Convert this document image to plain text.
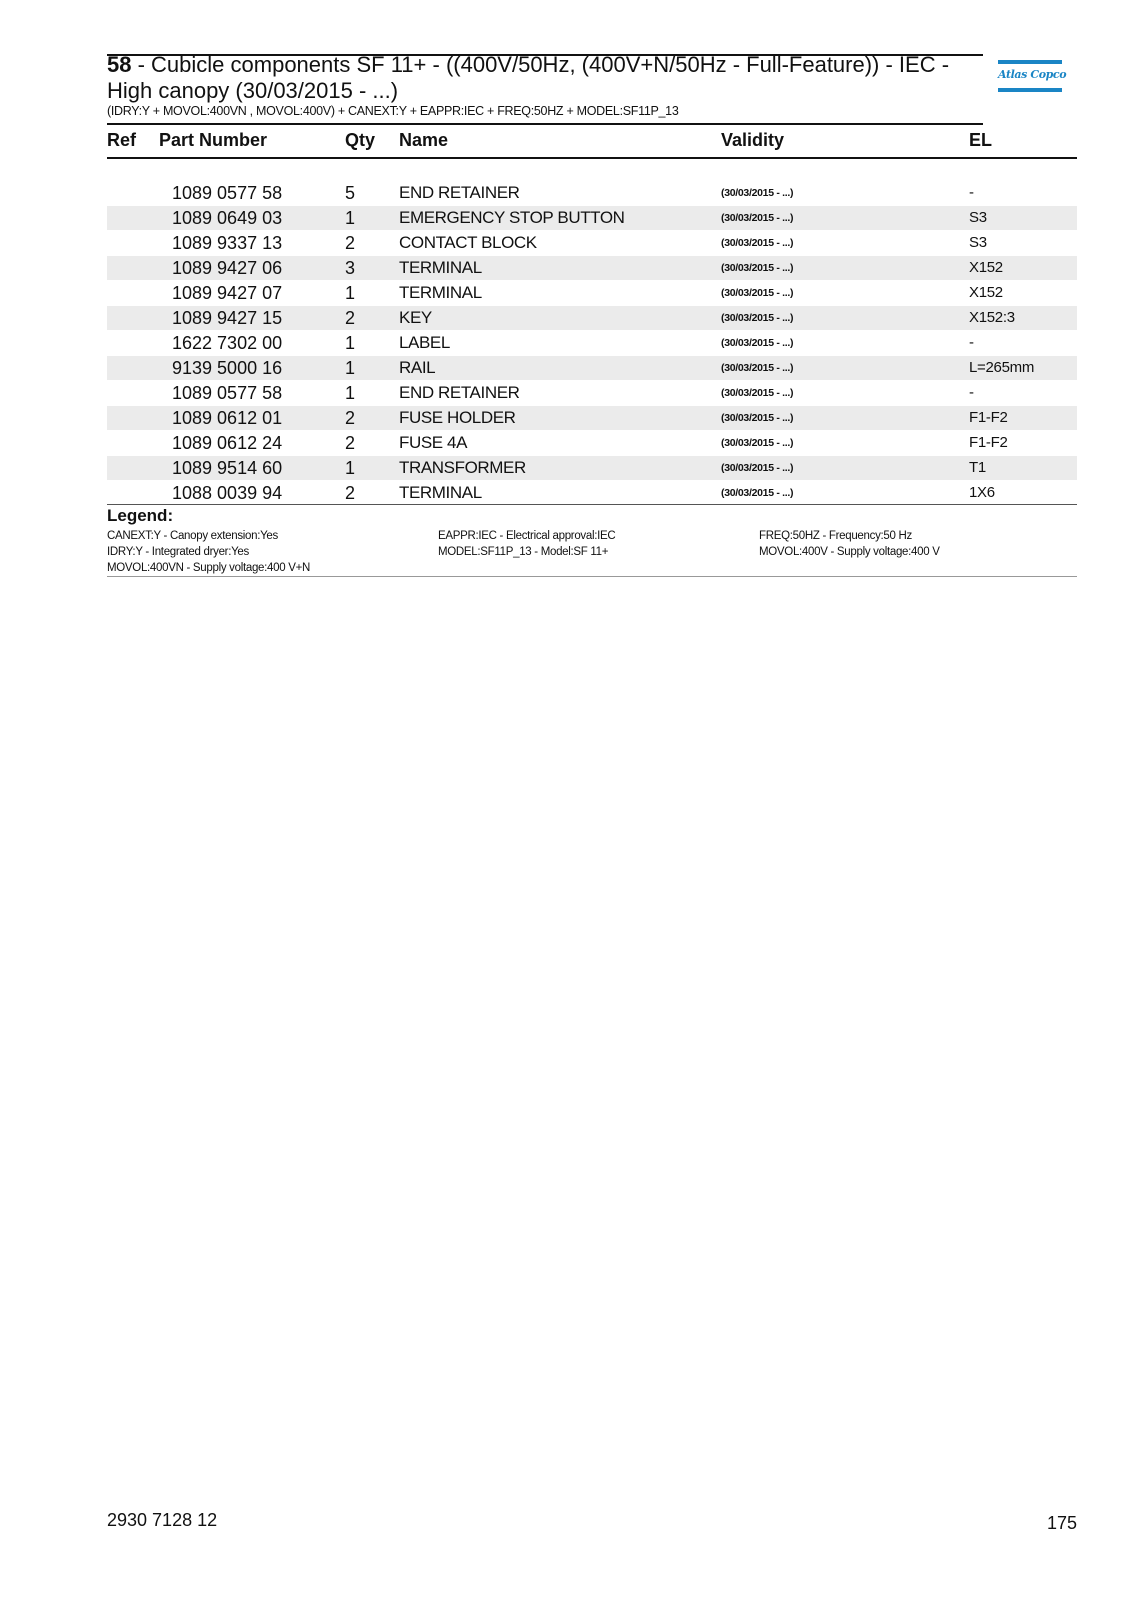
58 - Cubicle components SF 11+ - ((400V/50Hz, (400V+N/50Hz - Full-Feature)) - IEC - High canopy (30/03/2015 - ...)
(IDRY:Y + MOVOL:400VN , MOVOL:400V) + CANEXT:Y + EAPPR:IEC + FREQ:50HZ + MODEL:SF11P_13
Atlas Copco
Ref Part Number	Qty Name	Validity	EL
1089 0577 58	5	END RETAINER	(30/03/2015 - ...)	-
1089 0649 03	1	EMERGENCY STOP BUTTON	(30/03/2015 - ...)	S3
1089 9337 13	2	CONTACT BLOCK	(30/03/2015 - ...)	S3
1089 9427 06	3	TERMINAL	(30/03/2015 - ...)	X152
1089 9427 07	1	TERMINAL	(30/03/2015 - ...)	X152
1089 9427 15	2	KEY	(30/03/2015 - ...)	X152:3
1622 7302 00	1	LABEL	(30/03/2015 - ...)	-
9139 5000 16	1	RAIL	(30/03/2015 - ...)	L=265mm
1089 0577 58	1	END RETAINER	(30/03/2015 - ...)	-
1089 0612 01	2	FUSE HOLDER	(30/03/2015 - ...)	F1-F2
1089 0612 24	2	FUSE 4A	(30/03/2015 - ...)	F1-F2
1089 9514 60	1	TRANSFORMER	(30/03/2015 - ...)	T1
1088 0039 94	2	TERMINAL	(30/03/2015 - ...)	1X6
Legend:
CANEXT:Y - Canopy extension:Yes	EAPPR:IEC - Electrical approval:IEC	FREQ:50HZ - Frequency:50 Hz
IDRY:Y - Integrated dryer:Yes	MODEL:SF11P_13 - Model:SF 11+	MOVOL:400V - Supply voltage:400 V
MOVOL:400VN - Supply voltage:400 V+N
2930 7128 12	175
